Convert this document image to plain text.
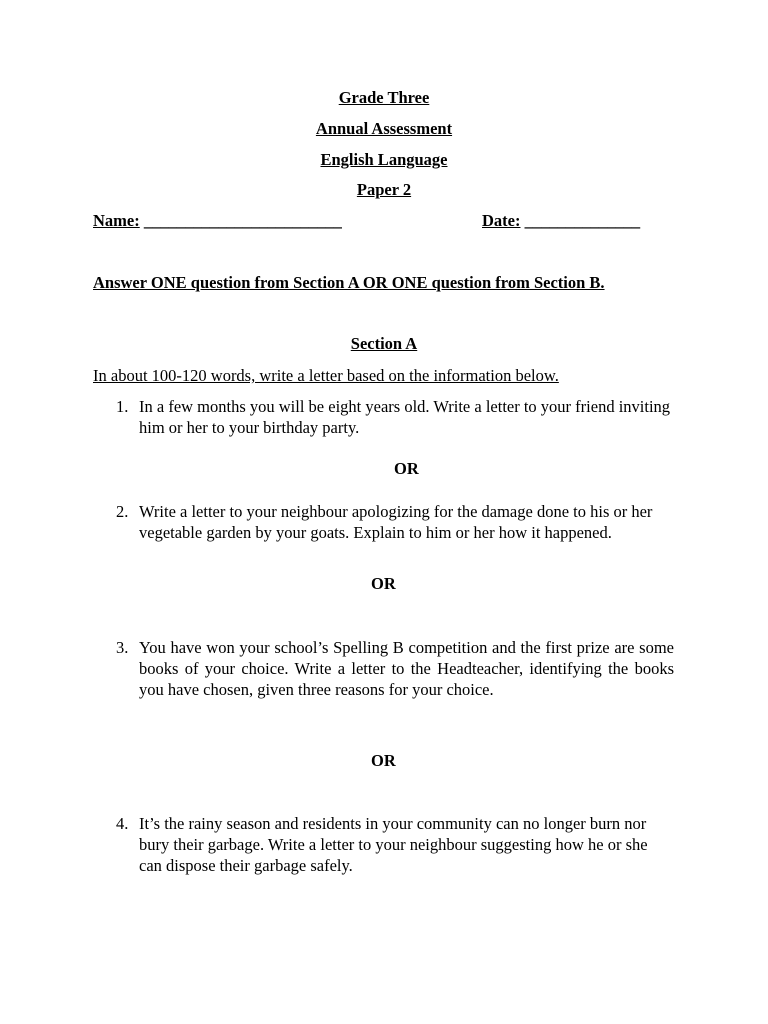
Grade Three
Annual Assessment
English Language
Paper 2
Name: ________________________	Date: ______________
Answer ONE question from Section A OR ONE question from Section B.
Section A
In about 100-120 words, write a letter based on the information below.
1. In a few months you will be eight years old. Write a letter to your friend inviting him or her to your birthday party.
OR
2. Write a letter to your neighbour apologizing for the damage done to his or her vegetable garden by your goats. Explain to him or her how it happened.
OR
3. You have won your school’s Spelling B competition and the first prize are some books of your choice. Write a letter to the Headteacher, identifying the books you have chosen, given three reasons for your choice.
OR
4. It’s the rainy season and residents in your community can no longer burn nor bury their garbage. Write a letter to your neighbour suggesting how he or she can dispose their garbage safely.
